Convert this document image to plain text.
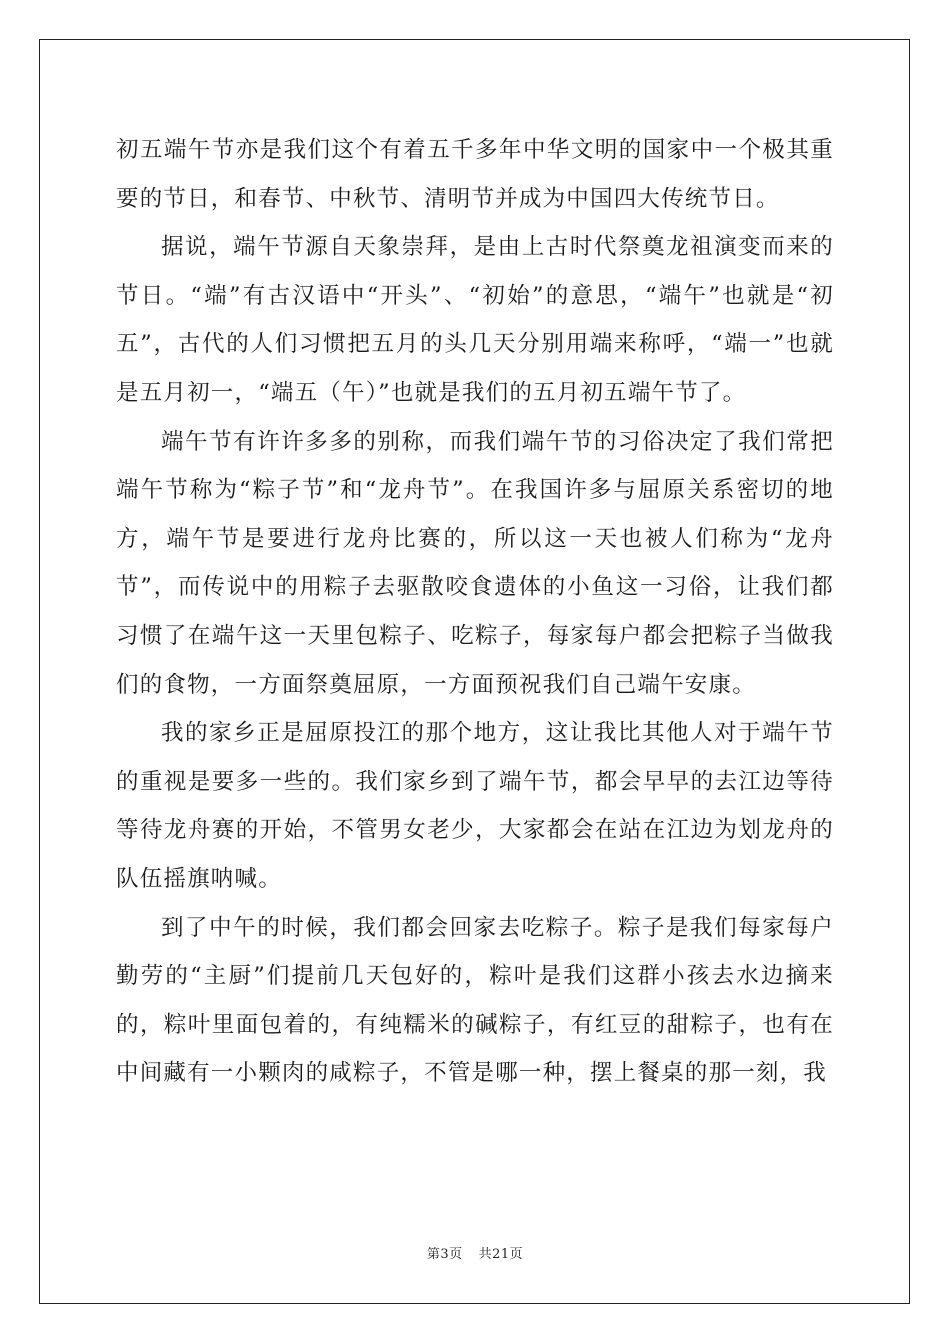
初五端午节亦是我们这个有着五千多年中华文明的国家中一个极其重要的节日，和春节、中秋节、清明节并成为中国四大传统节日。

据说，端午节源自天象崇拜，是由上古时代祭奠龙祖演变而来的节日。“端”有古汉语中“开头”、“初始”的意思，“端午”也就是“初五”，古代的人们习惯把五月的头几天分别用端来称呼，“端一”也就是五月初一，“端五（午）”也就是我们的五月初五端午节了。

端午节有许许多多的别称，而我们端午节的习俗决定了我们常把端午节称为“粽子节”和“龙舟节”。在我国许多与屈原关系密切的地方，端午节是要进行龙舟比赛的，所以这一天也被人们称为“龙舟节”，而传说中的用粽子去驱散咬食遗体的小鱼这一习俗，让我们都习惯了在端午这一天里包粽子、吃粽子，每家每户都会把粽子当做我们的食物，一方面祭奠屈原，一方面预祝我们自己端午安康。

我的家乡正是屈原投江的那个地方，这让我比其他人对于端午节的重视是要多一些的。我们家乡到了端午节，都会早早的去江边等待等待龙舟赛的开始，不管男女老少，大家都会在站在江边为划龙舟的队伍摇旗呐喊。

到了中午的时候，我们都会回家去吃粽子。粽子是我们每家每户勤劳的“主厨”们提前几天包好的，粽叶是我们这群小孩去水边摘来的，粽叶里面包着的，有纯糯米的碱粽子，有红豆的甜粽子，也有在中间藏有一小颗肉的咸粽子，不管是哪一种，摆上餐桌的那一刻，我

第3页 共21页
